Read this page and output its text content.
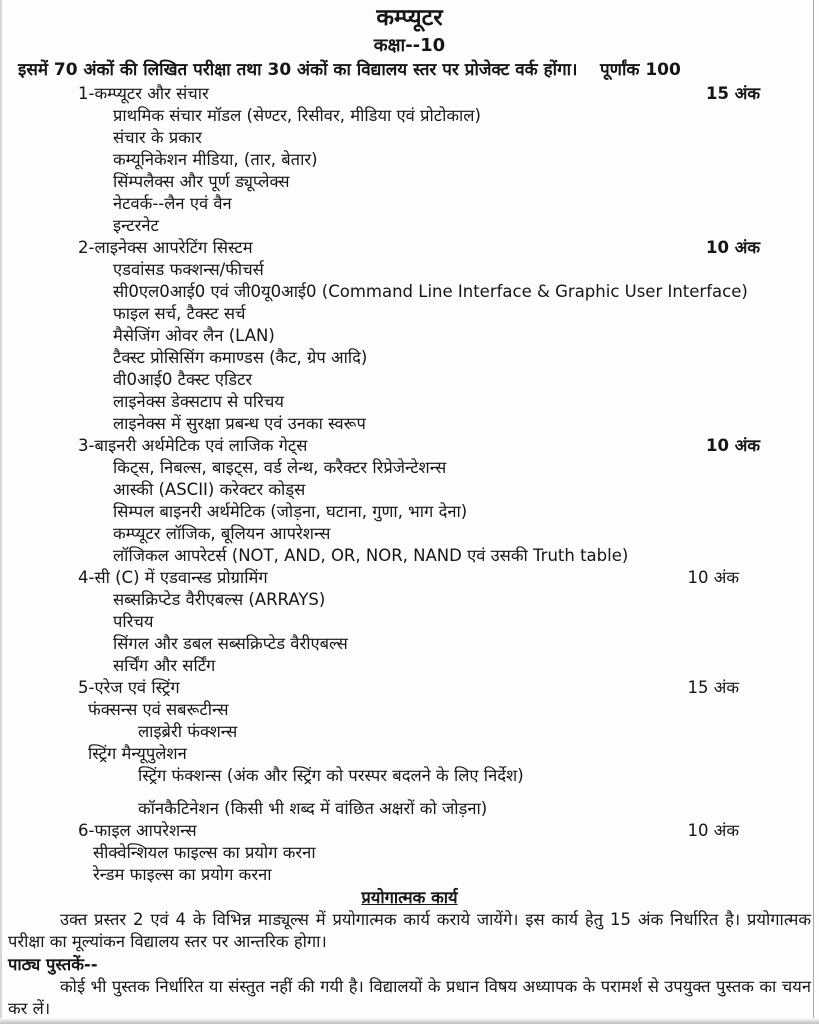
कम्प्यूटर
कक्षा--10
इसमें 70 अंकों की लिखित परीक्षा तथा 30 अंकों का विद्यालय स्तर पर प्रोजेक्ट वर्क होंगा। पूर्णांक 100
1-कम्प्यूटर और संचार	15 अंक
प्राथमिक संचार मॉडल (सेण्टर, रिसीवर, मीडिया एवं प्रोटोकाल)
संचार के प्रकार
कम्यूनिकेशन मीडिया, (तार, बेतार)
सिंम्पलैक्स और पूर्ण ड्यूप्लेक्स
नेटवर्क--लैन एवं वैन
इन्टरनेट
2-लाइनेक्स आपरेटिंग सिस्टम	10 अंक
एडवांसड फक्शन्स/फीचर्स
सी0एल0आई0 एवं जी0यू0आई0 (Command Line Interface & Graphic User Interface)
फाइल सर्च, टैक्स्ट सर्च
मैसेजिंग ओवर लैन (LAN)
टैक्स्ट प्रोसिसिंग कमाण्डस (कैट, ग्रेप आदि)
वी0आई0 टैक्स्ट एडिटर
लाइनेक्स डेक्सटाप से परिचय
लाइनेक्स में सुरक्षा प्रबन्ध एवं उनका स्वरूप
3-बाइनरी अर्थमेटिक एवं लाजिक गेट्स	10 अंक
किट्स, निबल्स, बाइट्स, वर्ड लेन्थ, करैक्टर रिप्रेजेन्टेशन्स
आस्की (ASCII) करेक्टर कोड्स
सिम्पल बाइनरी अर्थमेटिक (जोड़ना, घटाना, गुणा, भाग देना)
कम्प्यूटर लॉजिक, बूलियन आपरेशन्स
लॉजिकल आपरेटर्स (NOT, AND, OR, NOR, NAND एवं उसकी Truth table)
4-सी (C) में एडवान्स्ड प्रोग्रामिंग	10 अंक
सब्सक्रिप्टेड वैरीएबल्स (ARRAYS)
परिचय
सिंगल और डबल सब्सक्रिप्टेड वैरीएबल्स
सर्चिंग और सर्टिंग
5-एरेज एवं स्ट्रिंग	15 अंक
फंक्सन्स एवं सबरूटीन्स
लाइब्रेरी फंक्शन्स
स्ट्रिंग मैन्यूपुलेशन
स्ट्रिंग फंक्शन्स (अंक और स्ट्रिंग को परस्पर बदलने के लिए निर्देश)
कॉनकैटिनेशन (किसी भी शब्द में वांछित अक्षरों को जोड़ना)
6-फाइल आपरेशन्स	10 अंक
सीक्वेन्शियल फाइल्स का प्रयोग करना
रेन्डम फाइल्स का प्रयोग करना
प्रयोगात्मक कार्य
उक्त प्रस्तर 2 एवं 4 के विभिन्न माड्यूल्स में प्रयोगात्मक कार्य कराये जायेंगे। इस कार्य हेतु 15 अंक निर्धारित है। प्रयोगात्मक परीक्षा का मूल्यांकन विद्यालय स्तर पर आन्तरिक होगा।
पाठ्य पुस्तकें--
कोई भी पुस्तक निर्धारित या संस्तुत नहीं की गयी है। विद्यालयों के प्रधान विषय अध्यापक के परामर्श से उपयुक्त पुस्तक का चयन कर लें।
